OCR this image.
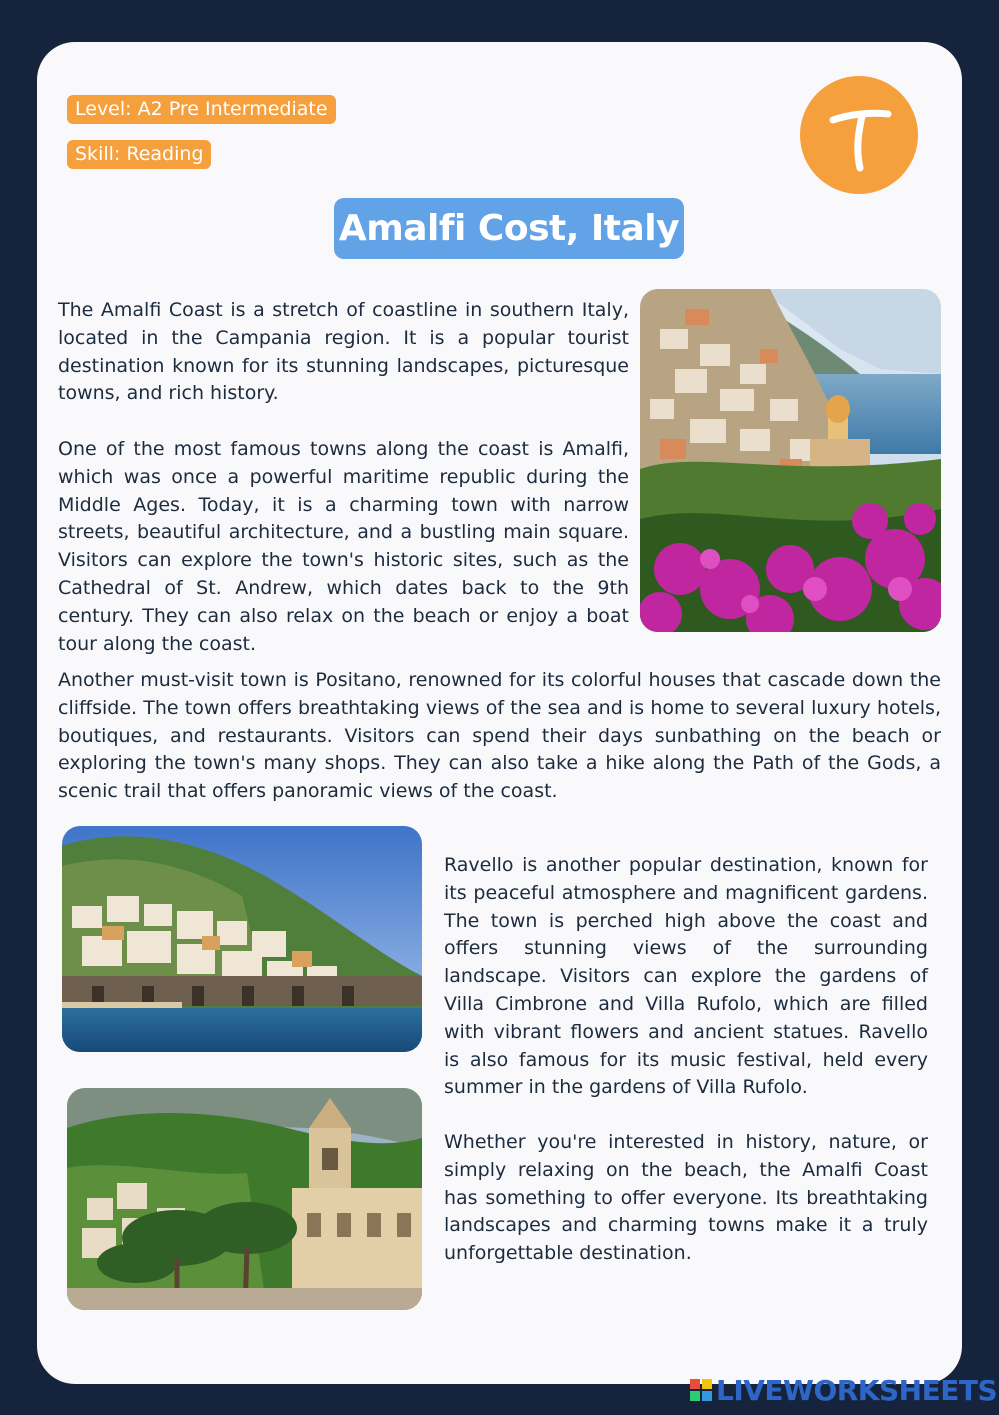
Level: A2 Pre Intermediate
Skill: Reading
Amalfi Cost, Italy

The Amalfi Coast is a stretch of coastline in southern Italy, located in the Campania region. It is a popular tourist destination known for its stunning landscapes, picturesque towns, and rich history.

One of the most famous towns along the coast is Amalfi, which was once a powerful maritime republic during the Middle Ages. Today, it is a charming town with narrow streets, beautiful architecture, and a bustling main square. Visitors can explore the town's historic sites, such as the Cathedral of St. Andrew, which dates back to the 9th century. They can also relax on the beach or enjoy a boat tour along the coast.

Another must-visit town is Positano, renowned for its colorful houses that cascade down the cliffside. The town offers breathtaking views of the sea and is home to several luxury hotels, boutiques, and restaurants. Visitors can spend their days sunbathing on the beach or exploring the town's many shops. They can also take a hike along the Path of the Gods, a scenic trail that offers panoramic views of the coast.

Ravello is another popular destination, known for its peaceful atmosphere and magnificent gardens. The town is perched high above the coast and offers stunning views of the surrounding landscape. Visitors can explore the gardens of Villa Cimbrone and Villa Rufolo, which are filled with vibrant flowers and ancient statues. Ravello is also famous for its music festival, held every summer in the gardens of Villa Rufolo.

Whether you're interested in history, nature, or simply relaxing on the beach, the Amalfi Coast has something to offer everyone. Its breathtaking landscapes and charming towns make it a truly unforgettable destination.

LIVEWORKSHEETS
